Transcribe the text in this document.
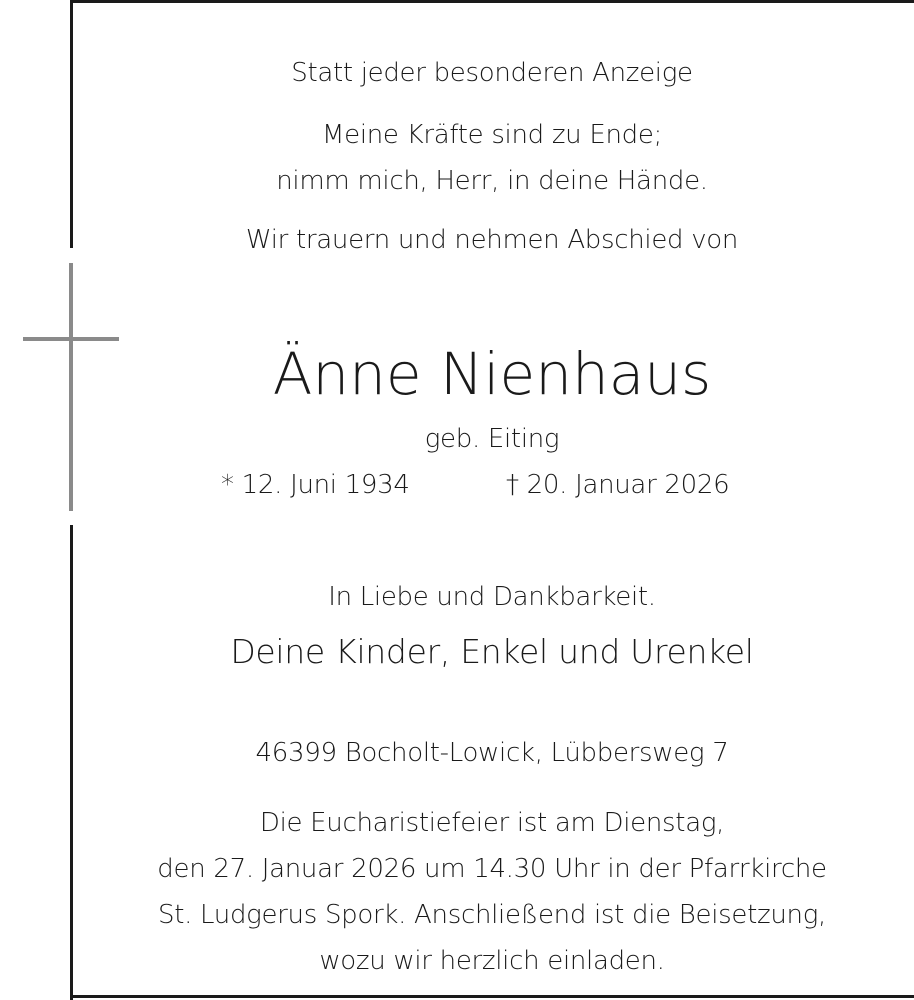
Statt jeder besonderen Anzeige
Meine Kräfte sind zu Ende;
nimm mich, Herr, in deine Hände.
Wir trauern und nehmen Abschied von
Änne Nienhaus
geb. Eiting
* 12. Juni 1934	† 20. Januar 2026
In Liebe und Dankbarkeit.
Deine Kinder, Enkel und Urenkel
46399 Bocholt-Lowick, Lübbersweg 7
Die Eucharistiefeier ist am Dienstag,
den 27. Januar 2026 um 14.30 Uhr in der Pfarrkirche
St. Ludgerus Spork. Anschließend ist die Beisetzung,
wozu wir herzlich einladen.
